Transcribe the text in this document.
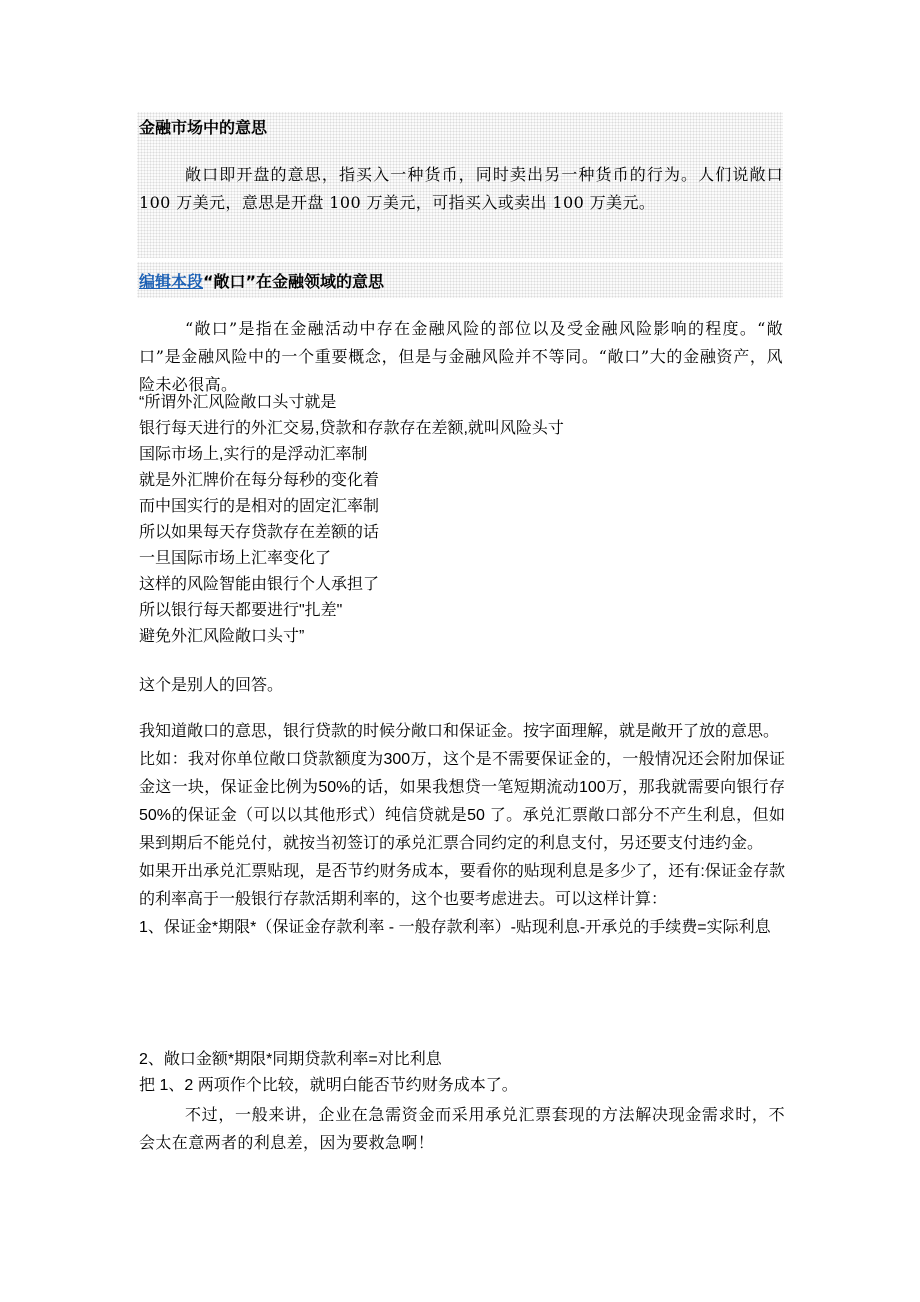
金融市场中的意思
敞口即开盘的意思，指买入一种货币，同时卖出另一种货币的行为。人们说敞口 100 万美元，意思是开盘 100 万美元，可指买入或卖出 100 万美元。
编辑本段“敞口”在金融领域的意思
“敞口”是指在金融活动中存在金融风险的部位以及受金融风险影响的程度。“敞口”是金融风险中的一个重要概念，但是与金融风险并不等同。“敞口”大的金融资产，风险未必很高。
“所谓外汇风险敞口头寸就是
银行每天进行的外汇交易,贷款和存款存在差额,就叫风险头寸
国际市场上,实行的是浮动汇率制
就是外汇牌价在每分每秒的变化着
而中国实行的是相对的固定汇率制
所以如果每天存贷款存在差额的话
一旦国际市场上汇率变化了
这样的风险智能由银行个人承担了
所以银行每天都要进行"扎差"
避免外汇风险敞口头寸”
这个是别人的回答。
我知道敞口的意思，银行贷款的时候分敞口和保证金。按字面理解，就是敞开了放的意思。
比如：我对你单位敞口贷款额度为300万，这个是不需要保证金的，一般情况还会附加保证金这一块，保证金比例为50%的话，如果我想贷一笔短期流动100万，那我就需要向银行存50%的保证金（可以以其他形式）纯信贷就是50 了。承兑汇票敞口部分不产生利息，但如果到期后不能兑付，就按当初签订的承兑汇票合同约定的利息支付，另还要支付违约金。
如果开出承兑汇票贴现，是否节约财务成本，要看你的贴现利息是多少了，还有:保证金存款的利率高于一般银行存款活期利率的，这个也要考虑进去。可以这样计算：
1、保证金*期限*（保证金存款利率 - 一般存款利率）-贴现利息-开承兑的手续费=实际利息
2、敞口金额*期限*同期贷款利率=对比利息
把 1、2 两项作个比较，就明白能否节约财务成本了。
不过，一般来讲，企业在急需资金而采用承兑汇票套现的方法解决现金需求时，不会太在意两者的利息差，因为要救急啊！
